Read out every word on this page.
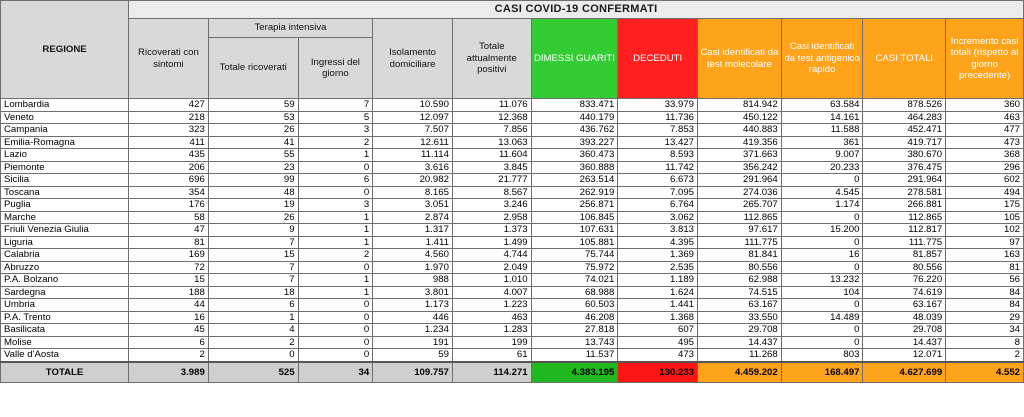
REGIONE	CASI COVID-19 CONFERMATI										
	Ricoverati con sintomi	Terapia intensiva		Isolamento domiciliare	Totale attualmente positivi	DIMESSI GUARITI	DECEDUTI	Casi identificati da test molecolare	Casi identificati da test antigenico rapido	CASI TOTALI	Incremento casi totali (rispetto al giorno precedente)
		Totale ricoverati	Ingressi del giorno								
Lombardia	427	59	7	10.590	11.076	833.471	33.979	814.942	63.584	878.526	360
Veneto	218	53	5	12.097	12.368	440.179	11.736	450.122	14.161	464.283	463
Campania	323	26	3	7.507	7.856	436.762	7.853	440.883	11.588	452.471	477
Emilia-Romagna	411	41	2	12.611	13.063	393.227	13.427	419.356	361	419.717	473
Lazio	435	55	1	11.114	11.604	360.473	8.593	371.663	9.007	380.670	368
Piemonte	206	23	0	3.616	3.845	360.888	11.742	356.242	20.233	376.475	296
Sicilia	696	99	6	20.982	21.777	263.514	6.673	291.964	0	291.964	602
Toscana	354	48	0	8.165	8.567	262.919	7.095	274.036	4.545	278.581	494
Puglia	176	19	3	3.051	3.246	256.871	6.764	265.707	1.174	266.881	175
Marche	58	26	1	2.874	2.958	106.845	3.062	112.865	0	112.865	105
Friuli Venezia Giulia	47	9	1	1.317	1.373	107.631	3.813	97.617	15.200	112.817	102
Liguria	81	7	1	1.411	1.499	105.881	4.395	111.775	0	111.775	97
Calabria	169	15	2	4.560	4.744	75.744	1.369	81.841	16	81.857	163
Abruzzo	72	7	0	1.970	2.049	75.972	2.535	80.556	0	80.556	81
P.A. Bolzano	15	7	1	988	1.010	74.021	1.189	62.988	13.232	76.220	56
Sardegna	188	18	1	3.801	4.007	68.988	1.624	74.515	104	74.619	84
Umbria	44	6	0	1.173	1.223	60.503	1.441	63.167	0	63.167	84
P.A. Trento	16	1	0	446	463	46.208	1.368	33.550	14.489	48.039	29
Basilicata	45	4	0	1.234	1.283	27.818	607	29.708	0	29.708	34
Molise	6	2	0	191	199	13.743	495	14.437	0	14.437	8
Valle d'Aosta	2	0	0	59	61	11.537	473	11.268	803	12.071	2
TOTALE	3.989	525	34	109.757	114.271	4.383.195	130.233	4.459.202	168.497	4.627.699	4.552
